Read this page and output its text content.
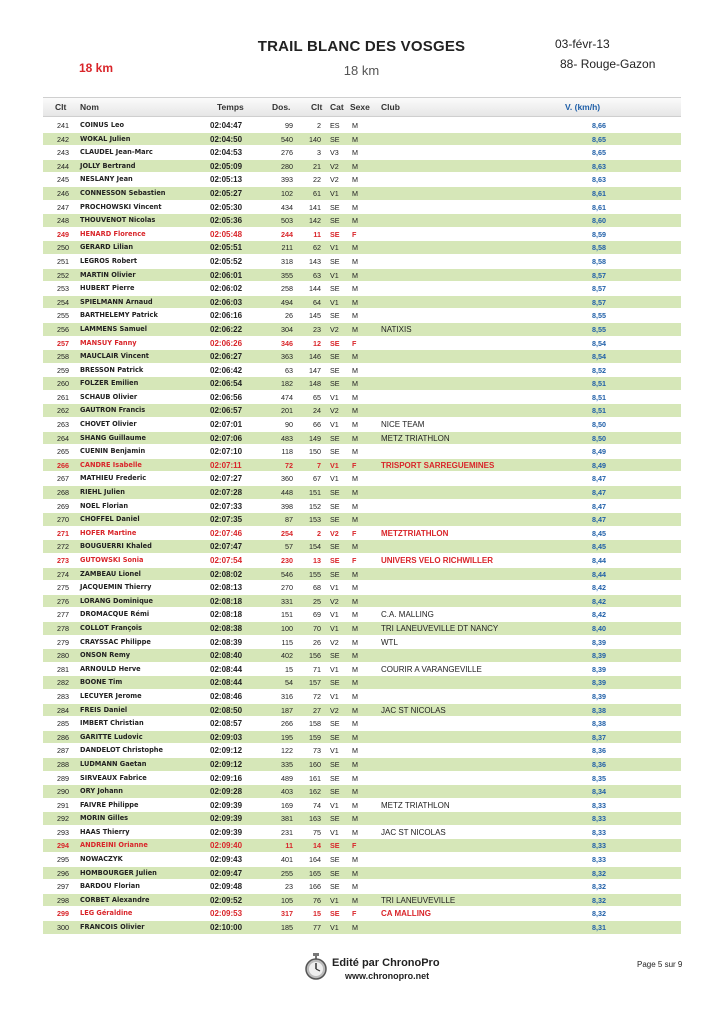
TRAIL BLANC DES VOSGES
18 km
18 km
03-févr-13
88- Rouge-Gazon
Clt Nom	Temps	Dos. Clt Cat Sexe Club	V. (km/h)
241	COINUS Leo	02:04:47	99	2 ES M	8,66
242	WOKAL Julien	02:04:50	540	140 SE M	8,65
243	CLAUDEL Jean-Marc	02:04:53	276	3 V3 M	8,65
244	JOLLY Bertrand	02:05:09	280	21 V2 M	8,63
245	NESLANY Jean	02:05:13	393	22 V2 M	8,63
246	CONNESSON Sebastien	02:05:27	102	61 V1 M	8,61
247	PROCHOWSKI Vincent	02:05:30	434	141 SE M	8,61
248	THOUVENOT Nicolas	02:05:36	503	142 SE M	8,60
249	HENARD Florence	02:05:48	244	11 SE F	8,59
250	GERARD Lilian	02:05:51	211	62 V1 M	8,58
251	LEGROS Robert	02:05:52	318	143 SE M	8,58
252	MARTIN Olivier	02:06:01	355	63 V1 M	8,57
253	HUBERT Pierre	02:06:02	258	144 SE M	8,57
254	SPIELMANN Arnaud	02:06:03	494	64 V1 M	8,57
255	BARTHELEMY Patrick	02:06:16	26	145 SE M	8,55
256	LAMMENS Samuel	02:06:22	304	23 V2 M	NATIXIS	8,55
257	MANSUY Fanny	02:06:26	346	12 SE F	8,54
258	MAUCLAIR Vincent	02:06:27	363	146 SE M	8,54
259	BRESSON Patrick	02:06:42	63	147 SE M	8,52
260	FOLZER Emilien	02:06:54	182	148 SE M	8,51
261	SCHAUB Olivier	02:06:56	474	65 V1 M	8,51
262	GAUTRON Francis	02:06:57	201	24 V2 M	8,51
263	CHOVET Olivier	02:07:01	90	66 V1 M	NICE TEAM	8,50
264	SHANG Guillaume	02:07:06	483	149 SE M	METZ TRIATHLON	8,50
265	CUENIN Benjamin	02:07:10	118	150 SE M	8,49
266	CANDRE Isabelle	02:07:11	72	7 V1 F	TRISPORT SARREGUEMINES	8,49
267	MATHIEU Frederic	02:07:27	360	67 V1 M	8,47
268	RIEHL Julien	02:07:28	448	151 SE M	8,47
269	NOEL Florian	02:07:33	398	152 SE M	8,47
270	CHOFFEL Daniel	02:07:35	87	153 SE M	8,47
271	HOFER Martine	02:07:46	254	2 V2 F	METZTRIATHLON	8,45
272	BOUGUERRI Khaled	02:07:47	57	154 SE M	8,45
273	GUTOWSKI Sonia	02:07:54	230	13 SE F	UNIVERS VELO RICHWILLER	8,44
274	ZAMBEAU Lionel	02:08:02	546	155 SE M	8,44
275	JACQUEMIN Thierry	02:08:13	270	68 V1 M	8,42
276	LORANG Dominique	02:08:18	331	25 V2 M	8,42
277	DROMACQUE Rémi	02:08:18	151	69 V1 M	C.A. MALLING	8,42
278	COLLOT François	02:08:38	100	70 V1 M	TRI LANEUVEVILLE DT NANCY	8,40
279	CRAYSSAC Philippe	02:08:39	115	26 V2 M	WTL	8,39
280	ONSON Remy	02:08:40	402	156 SE M	8,39
281	ARNOULD Herve	02:08:44	15	71 V1 M	COURIR A VARANGEVILLE	8,39
282	BOONE Tim	02:08:44	54	157 SE M	8,39
283	LECUYER Jerome	02:08:46	316	72 V1 M	8,39
284	FREIS Daniel	02:08:50	187	27 V2 M	JAC ST NICOLAS	8,38
285	IMBERT Christian	02:08:57	266	158 SE M	8,38
286	GARITTE Ludovic	02:09:03	195	159 SE M	8,37
287	DANDELOT Christophe	02:09:12	122	73 V1 M	8,36
288	LUDMANN Gaetan	02:09:12	335	160 SE M	8,36
289	SIRVEAUX Fabrice	02:09:16	489	161 SE M	8,35
290	ORY Johann	02:09:28	403	162 SE M	8,34
291	FAIVRE Philippe	02:09:39	169	74 V1 M	METZ TRIATHLON	8,33
292	MORIN Gilles	02:09:39	381	163 SE M	8,33
293	HAAS Thierry	02:09:39	231	75 V1 M	JAC ST NICOLAS	8,33
294	ANDREINI Orianne	02:09:40	11	14 SE F	8,33
295	NOWACZYK	02:09:43	401	164 SE M	8,33
296	HOMBOURGER Julien	02:09:47	255	165 SE M	8,32
297	BARDOU Florian	02:09:48	23	166 SE M	8,32
298	CORBET Alexandre	02:09:52	105	76 V1 M	TRI LANEUVEVILLE	8,32
299	LEG Géraldine	02:09:53	317	15 SE F	CA MALLING	8,32
300	FRANCOIS Olivier	02:10:00	185	77 V1 M	8,31
Edité par ChronoPro
www.chronopro.net
Page 5 sur 9
